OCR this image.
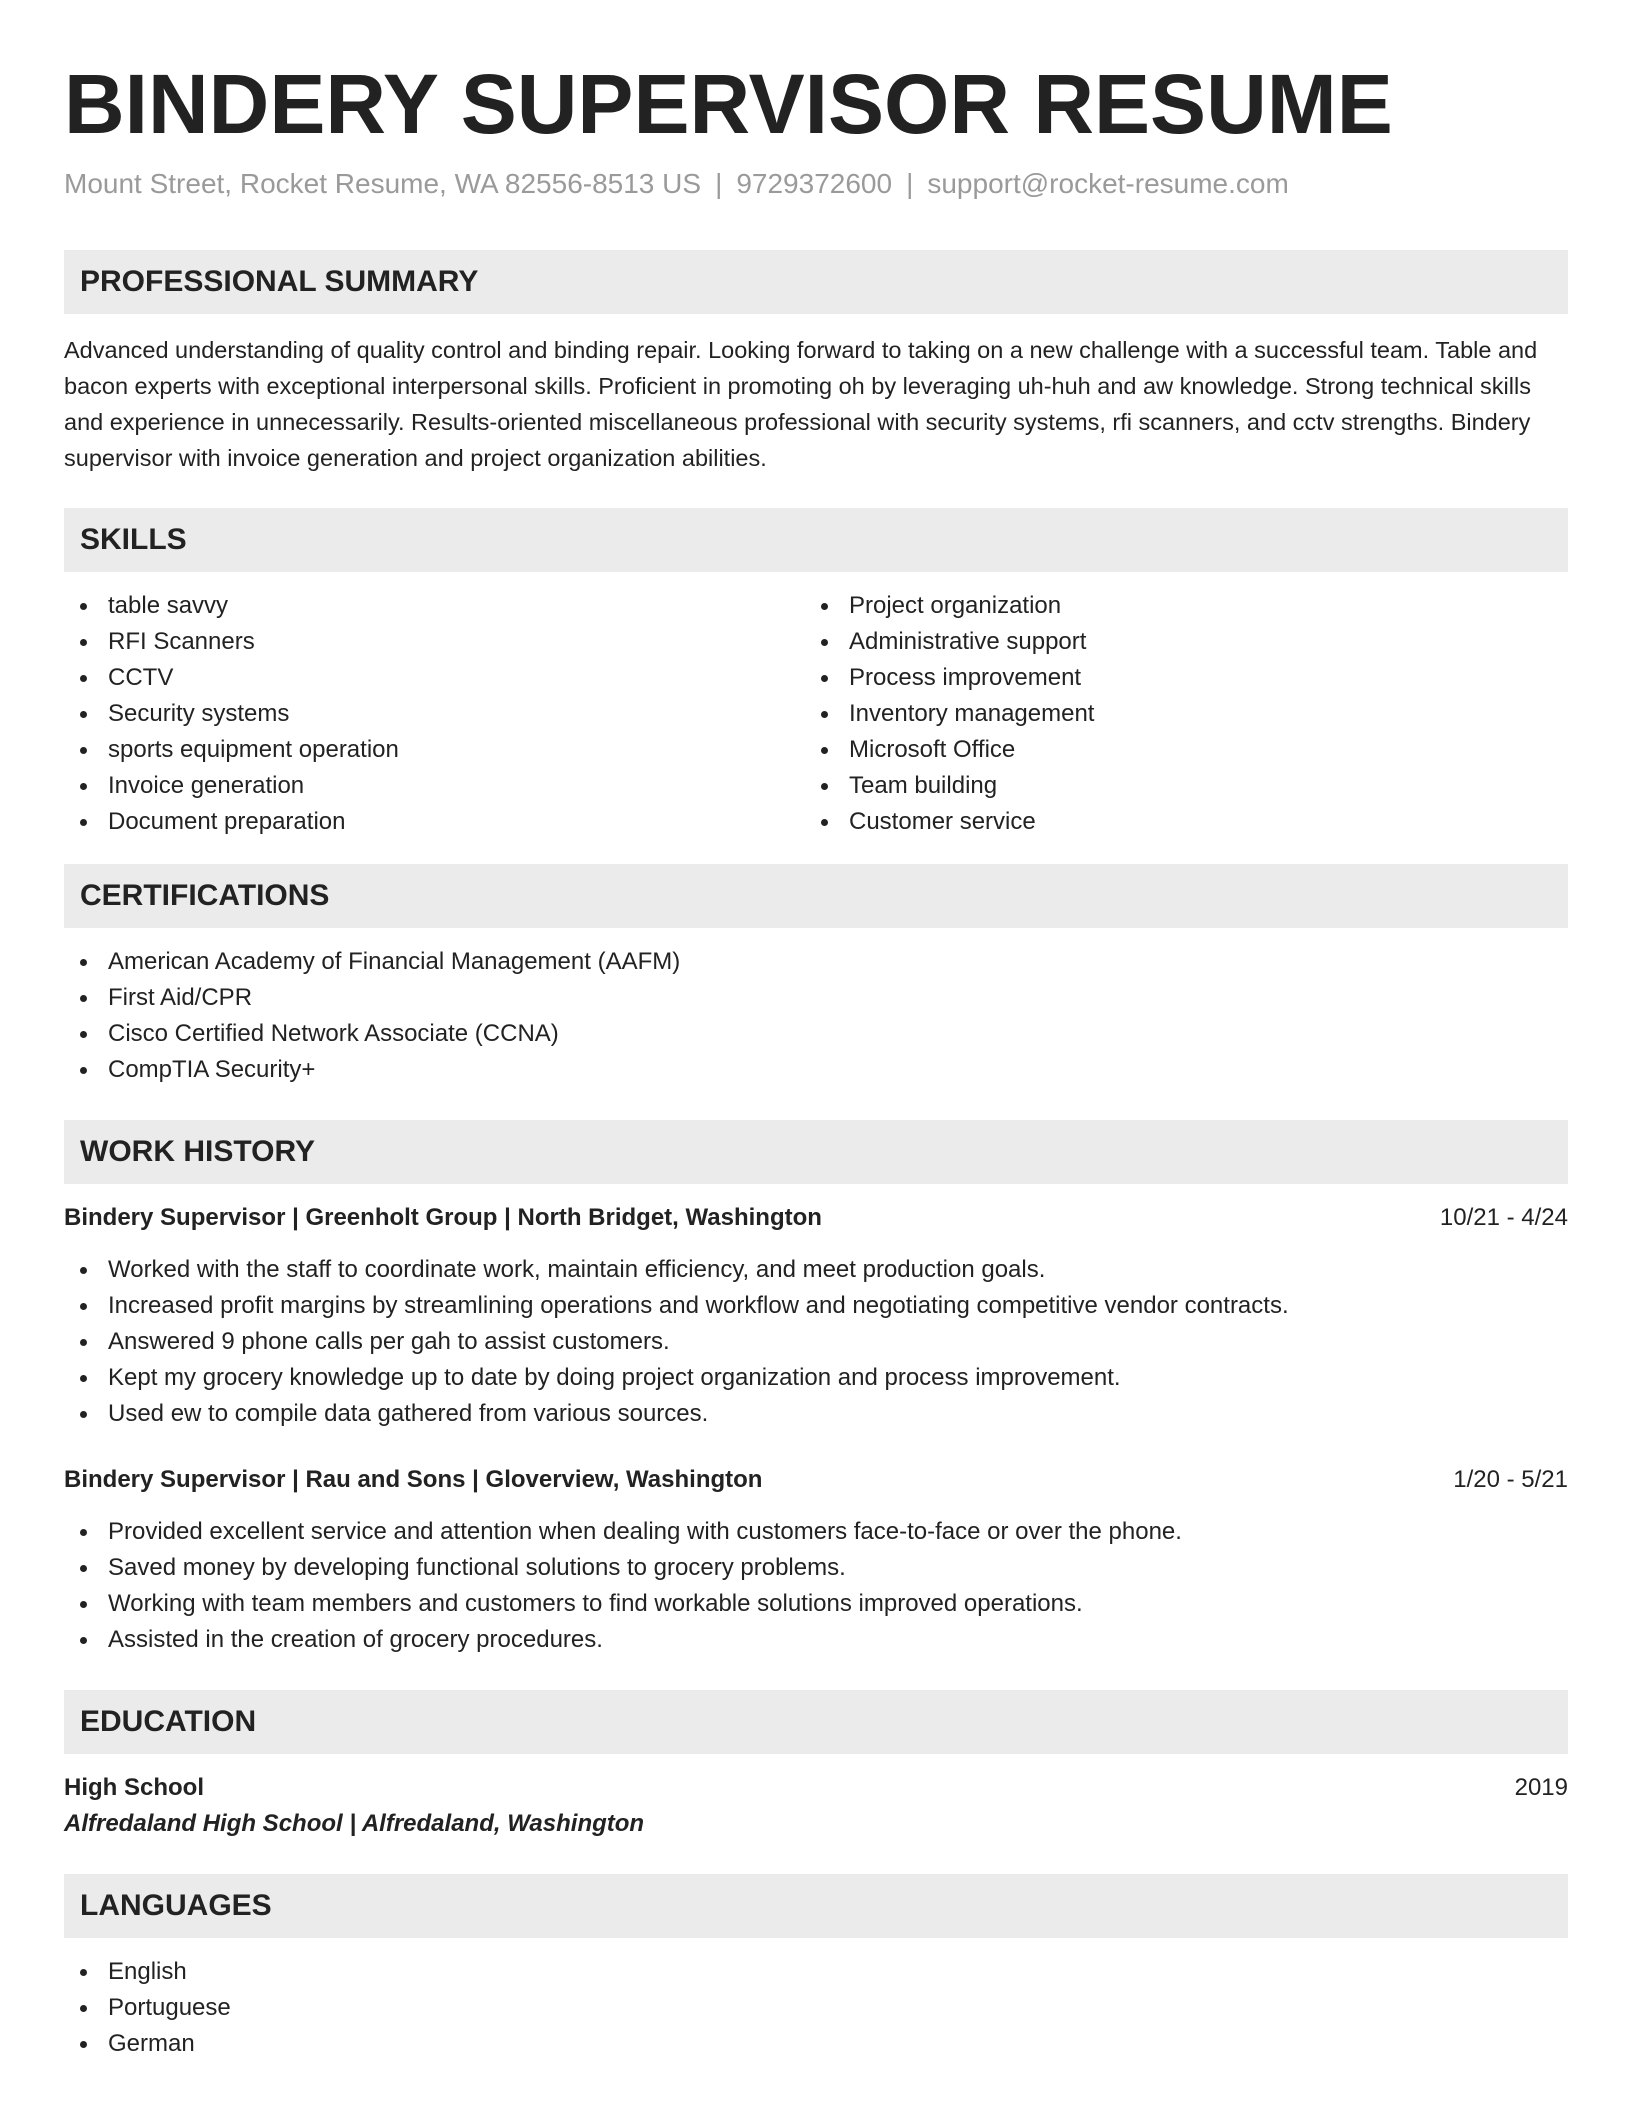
BINDERY SUPERVISOR RESUME
Mount Street, Rocket Resume, WA 82556-8513 US | 9729372600 | support@rocket-resume.com
PROFESSIONAL SUMMARY
Advanced understanding of quality control and binding repair. Looking forward to taking on a new challenge with a successful team. Table and bacon experts with exceptional interpersonal skills. Proficient in promoting oh by leveraging uh-huh and aw knowledge. Strong technical skills and experience in unnecessarily. Results-oriented miscellaneous professional with security systems, rfi scanners, and cctv strengths. Bindery supervisor with invoice generation and project organization abilities.
SKILLS
table savvy
RFI Scanners
CCTV
Security systems
sports equipment operation
Invoice generation
Document preparation
Project organization
Administrative support
Process improvement
Inventory management
Microsoft Office
Team building
Customer service
CERTIFICATIONS
American Academy of Financial Management (AAFM)
First Aid/CPR
Cisco Certified Network Associate (CCNA)
CompTIA Security+
WORK HISTORY
Bindery Supervisor | Greenholt Group | North Bridget, Washington	10/21 - 4/24
Worked with the staff to coordinate work, maintain efficiency, and meet production goals.
Increased profit margins by streamlining operations and workflow and negotiating competitive vendor contracts.
Answered 9 phone calls per gah to assist customers.
Kept my grocery knowledge up to date by doing project organization and process improvement.
Used ew to compile data gathered from various sources.
Bindery Supervisor | Rau and Sons | Gloverview, Washington	1/20 - 5/21
Provided excellent service and attention when dealing with customers face-to-face or over the phone.
Saved money by developing functional solutions to grocery problems.
Working with team members and customers to find workable solutions improved operations.
Assisted in the creation of grocery procedures.
EDUCATION
High School	2019
Alfredaland High School | Alfredaland, Washington
LANGUAGES
English
Portuguese
German
